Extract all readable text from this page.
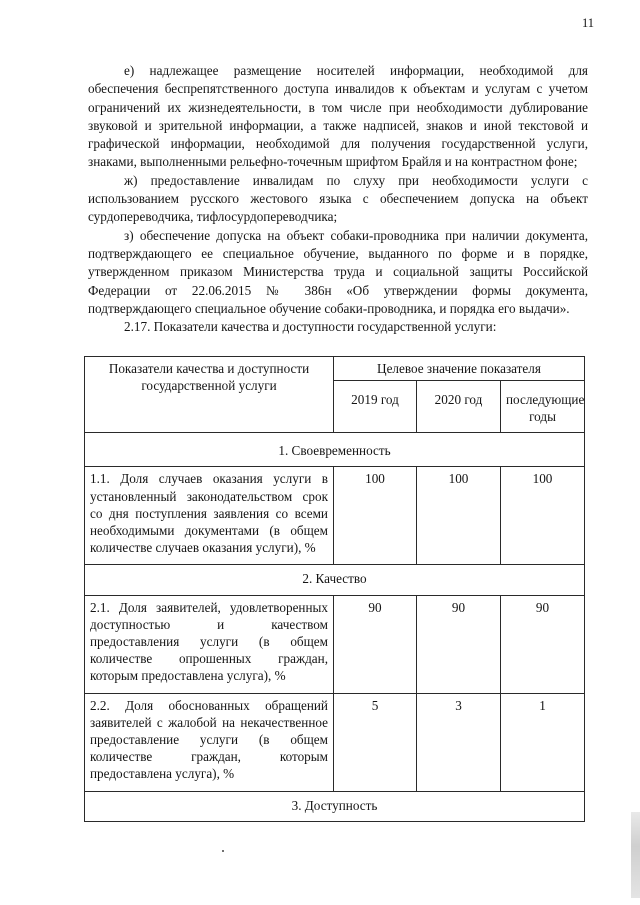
11

е) надлежащее размещение носителей информации, необходимой для обеспечения беспрепятственного доступа инвалидов к объектам и услугам с учетом ограничений их жизнедеятельности, в том числе при необходимости дублирование звуковой и зрительной информации, а также надписей, знаков и иной текстовой и графической информации, необходимой для получения государственной услуги, знаками, выполненными рельефно-точечным шрифтом Брайля и на контрастном фоне;

ж) предоставление инвалидам по слуху при необходимости услуги с использованием русского жестового языка с обеспечением допуска на объект сурдопереводчика, тифлосурдопереводчика;

з) обеспечение допуска на объект собаки-проводника при наличии документа, подтверждающего ее специальное обучение, выданного по форме и в порядке, утвержденном приказом Министерства труда и социальной защиты Российской Федерации от 22.06.2015 № 386н «Об утверждении формы документа, подтверждающего специальное обучение собаки-проводника, и порядка его выдачи».

2.17. Показатели качества и доступности государственной услуги:

Показатели качества и доступности государственной услуги	Целевое значение показателя		
	2019 год	2020 год	последующие годы
1. Своевременность			
1.1. Доля случаев оказания услуги в установленный законодательством срок со дня поступления заявления со всеми необходимыми документами (в общем количестве случаев оказания услуги), %	100	100	100
2. Качество			
2.1. Доля заявителей, удовлетворенных доступностью и качеством предоставления услуги (в общем количестве опрошенных граждан, которым предоставлена услуга), %	90	90	90
2.2. Доля обоснованных обращений заявителей с жалобой на некачественное предоставление услуги (в общем количестве граждан, которым предоставлена услуга), %	5	3	1
3. Доступность			
